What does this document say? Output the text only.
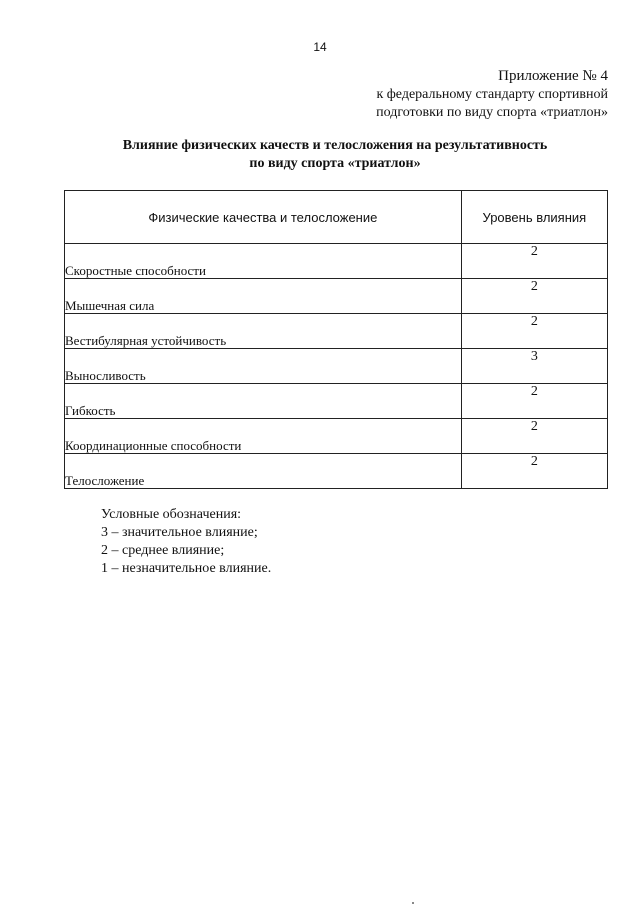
14
Приложение № 4
к федеральному стандарту спортивной
подготовки по виду спорта «триатлон»
Влияние физических качеств и телосложения на результативность
по виду спорта «триатлон»
Физические качества и телосложение	Уровень влияния
Скоростные способности	2
Мышечная сила	2
Вестибулярная устойчивость	2
Выносливость	3
Гибкость	2
Координационные способности	2
Телосложение	2
Условные обозначения:
3 – значительное влияние;
2 – среднее влияние;
1 – незначительное влияние.
